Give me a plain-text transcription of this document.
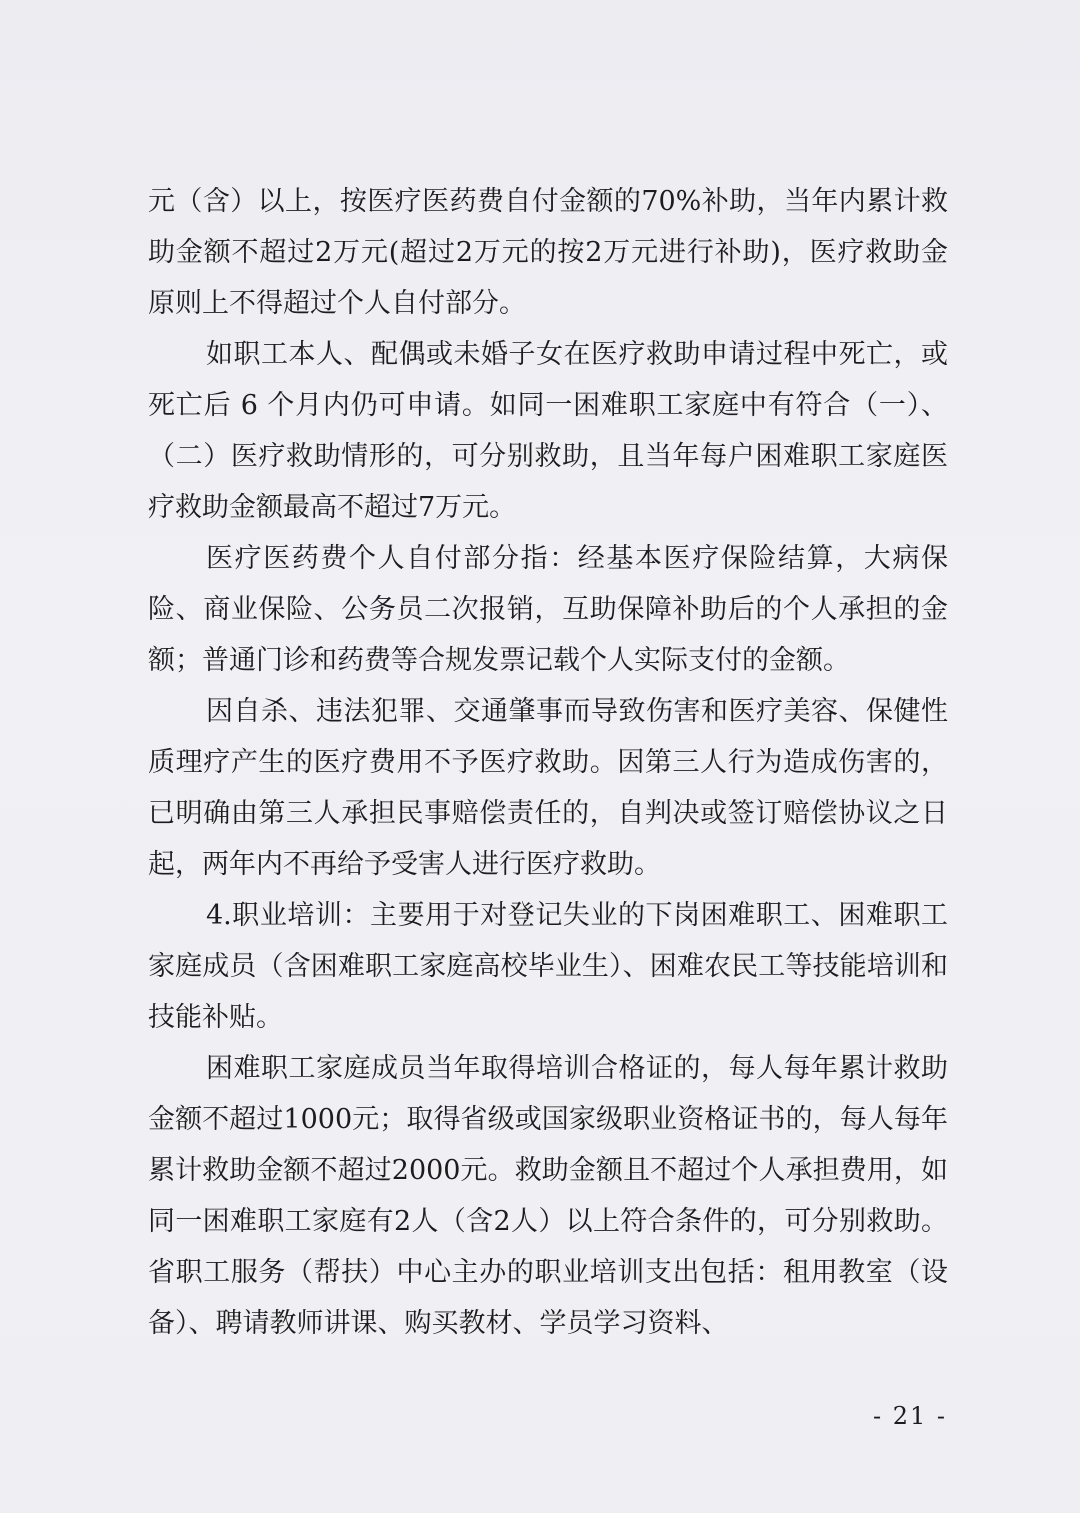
元（含）以上，按医疗医药费自付金额的70%补助，当年内累计救助金额不超过2万元(超过2万元的按2万元进行补助)，医疗救助金原则上不得超过个人自付部分。

如职工本人、配偶或未婚子女在医疗救助申请过程中死亡，或死亡后 6 个月内仍可申请。如同一困难职工家庭中有符合（一）、（二）医疗救助情形的，可分别救助，且当年每户困难职工家庭医疗救助金额最高不超过7万元。

医疗医药费个人自付部分指：经基本医疗保险结算，大病保险、商业保险、公务员二次报销，互助保障补助后的个人承担的金额；普通门诊和药费等合规发票记载个人实际支付的金额。

因自杀、违法犯罪、交通肇事而导致伤害和医疗美容、保健性质理疗产生的医疗费用不予医疗救助。因第三人行为造成伤害的，已明确由第三人承担民事赔偿责任的，自判决或签订赔偿协议之日起，两年内不再给予受害人进行医疗救助。

4.职业培训：主要用于对登记失业的下岗困难职工、困难职工家庭成员（含困难职工家庭高校毕业生）、困难农民工等技能培训和技能补贴。

困难职工家庭成员当年取得培训合格证的，每人每年累计救助金额不超过1000元；取得省级或国家级职业资格证书的，每人每年累计救助金额不超过2000元。救助金额且不超过个人承担费用，如同一困难职工家庭有2人（含2人）以上符合条件的，可分别救助。省职工服务（帮扶）中心主办的职业培训支出包括：租用教室（设备）、聘请教师讲课、购买教材、学员学习资料、

- 21 -
